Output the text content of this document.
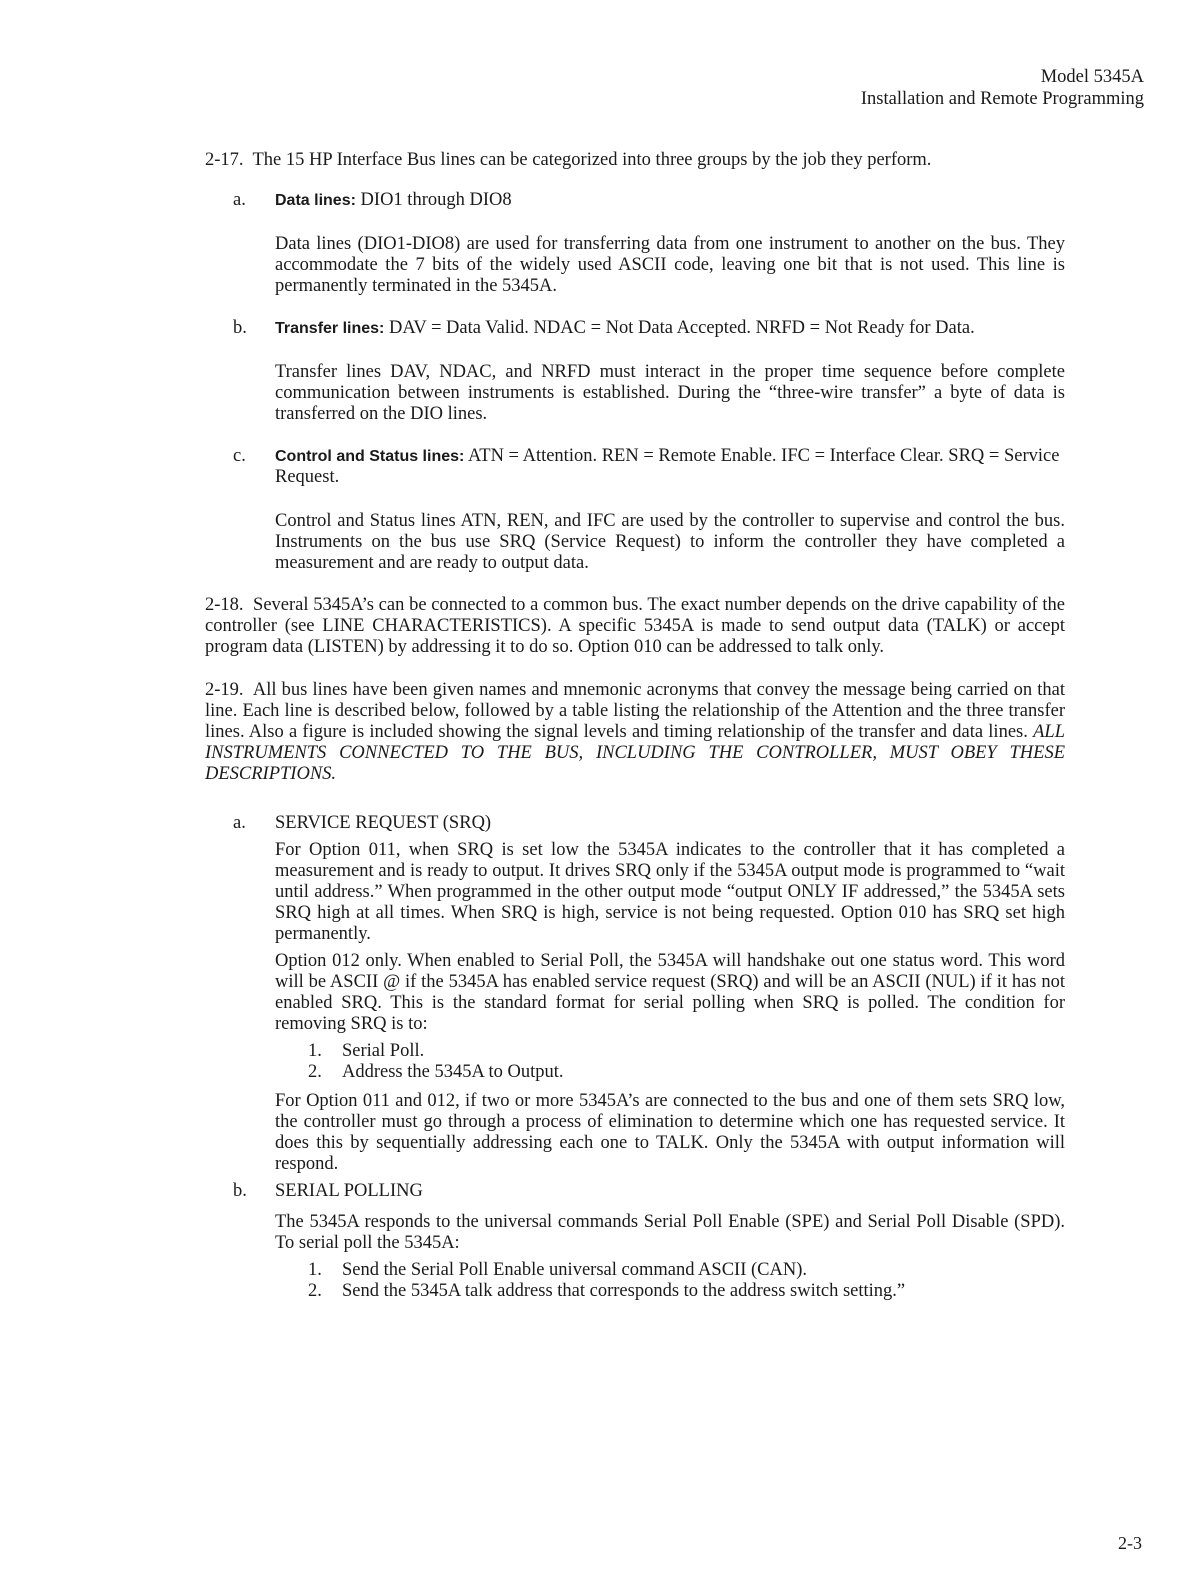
Model 5345A
Installation and Remote Programming

2-17. The 15 HP Interface Bus lines can be categorized into three groups by the job they perform.

a. Data lines: DIO1 through DIO8

Data lines (DIO1-DIO8) are used for transferring data from one instrument to another on the bus. They accommodate the 7 bits of the widely used ASCII code, leaving one bit that is not used. This line is permanently terminated in the 5345A.

b. Transfer lines: DAV = Data Valid. NDAC = Not Data Accepted. NRFD = Not Ready for Data.

Transfer lines DAV, NDAC, and NRFD must interact in the proper time sequence before complete communication between instruments is established. During the “three-wire transfer” a byte of data is transferred on the DIO lines.

c. Control and Status lines: ATN = Attention. REN = Remote Enable. IFC = Interface Clear. SRQ = Service Request.

Control and Status lines ATN, REN, and IFC are used by the controller to supervise and control the bus. Instruments on the bus use SRQ (Service Request) to inform the controller they have completed a measurement and are ready to output data.

2-18. Several 5345A’s can be connected to a common bus. The exact number depends on the drive capability of the controller (see LINE CHARACTERISTICS). A specific 5345A is made to send output data (TALK) or accept program data (LISTEN) by addressing it to do so. Option 010 can be addressed to talk only.

2-19. All bus lines have been given names and mnemonic acronyms that convey the message being carried on that line. Each line is described below, followed by a table listing the relationship of the Attention and the three transfer lines. Also a figure is included showing the signal levels and timing relationship of the transfer and data lines. ALL INSTRUMENTS CONNECTED TO THE BUS, INCLUDING THE CONTROLLER, MUST OBEY THESE DESCRIPTIONS.

a. SERVICE REQUEST (SRQ)

For Option 011, when SRQ is set low the 5345A indicates to the controller that it has completed a measurement and is ready to output. It drives SRQ only if the 5345A output mode is programmed to “wait until address.” When programmed in the other output mode “output ONLY IF addressed,” the 5345A sets SRQ high at all times. When SRQ is high, service is not being requested. Option 010 has SRQ set high permanently.

Option 012 only. When enabled to Serial Poll, the 5345A will handshake out one status word. This word will be ASCII @ if the 5345A has enabled service request (SRQ) and will be an ASCII (NUL) if it has not enabled SRQ. This is the standard format for serial polling when SRQ is polled. The condition for removing SRQ is to:

1. Serial Poll.
2. Address the 5345A to Output.

For Option 011 and 012, if two or more 5345A’s are connected to the bus and one of them sets SRQ low, the controller must go through a process of elimination to determine which one has requested service. It does this by sequentially addressing each one to TALK. Only the 5345A with output information will respond.

b. SERIAL POLLING

The 5345A responds to the universal commands Serial Poll Enable (SPE) and Serial Poll Disable (SPD). To serial poll the 5345A:

1. Send the Serial Poll Enable universal command ASCII (CAN).
2. Send the 5345A talk address that corresponds to the address switch setting.”
2-3
